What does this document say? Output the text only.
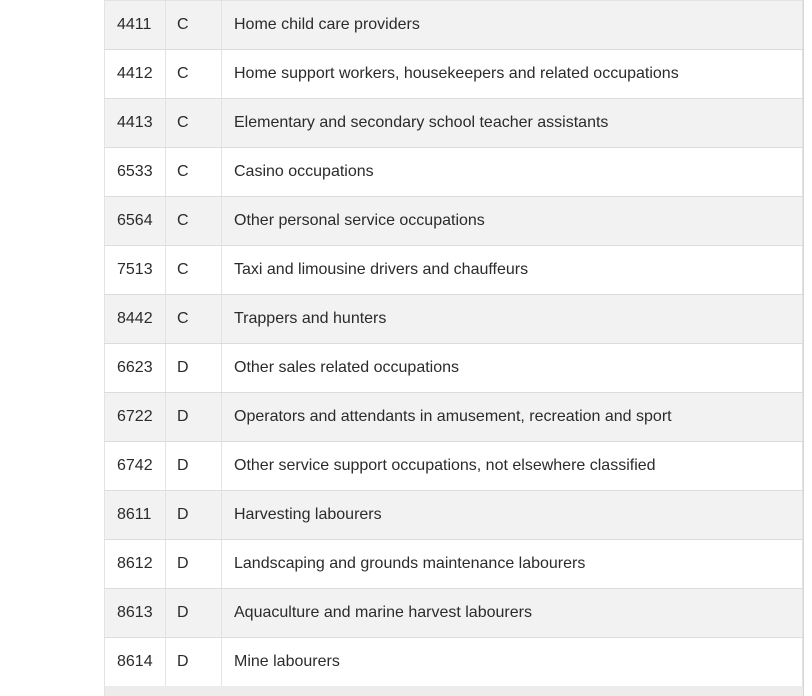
4411	C	Home child care providers
4412	C	Home support workers, housekeepers and related occupations
4413	C	Elementary and secondary school teacher assistants
6533	C	Casino occupations
6564	C	Other personal service occupations
7513	C	Taxi and limousine drivers and chauffeurs
8442	C	Trappers and hunters
6623	D	Other sales related occupations
6722	D	Operators and attendants in amusement, recreation and sport
6742	D	Other service support occupations, not elsewhere classified
8611	D	Harvesting labourers
8612	D	Landscaping and grounds maintenance labourers
8613	D	Aquaculture and marine harvest labourers
8614	D	Mine labourers
